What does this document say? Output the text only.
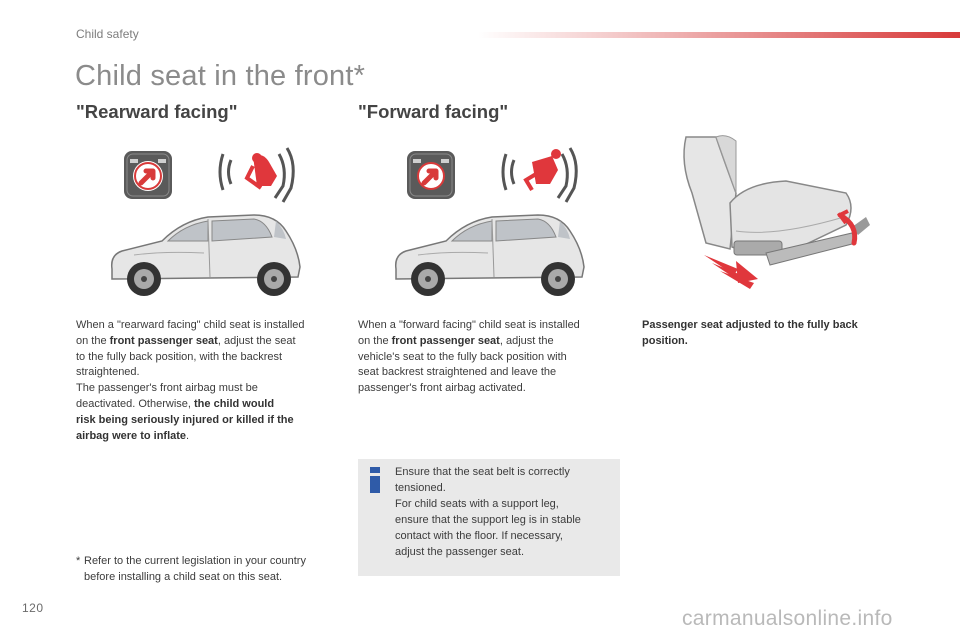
Child safety
Child seat in the front*
"Rearward facing"	"Forward facing"
When a "rearward facing" child seat is installed
on the front passenger seat, adjust the seat
to the fully back position, with the backrest
straightened.
The passenger's front airbag must be
deactivated. Otherwise, the child would
risk being seriously injured or killed if the
airbag were to inflate.
When a "forward facing" child seat is installed
on the front passenger seat, adjust the
vehicle's seat to the fully back position with
seat backrest straightened and leave the
passenger's front airbag activated.
Passenger seat adjusted to the fully back
position.
Ensure that the seat belt is correctly
tensioned.
For child seats with a support leg,
ensure that the support leg is in stable
contact with the floor. If necessary,
adjust the passenger seat.
* Refer to the current legislation in your country
before installing a child seat on this seat.
120	carmanualsonline.info
